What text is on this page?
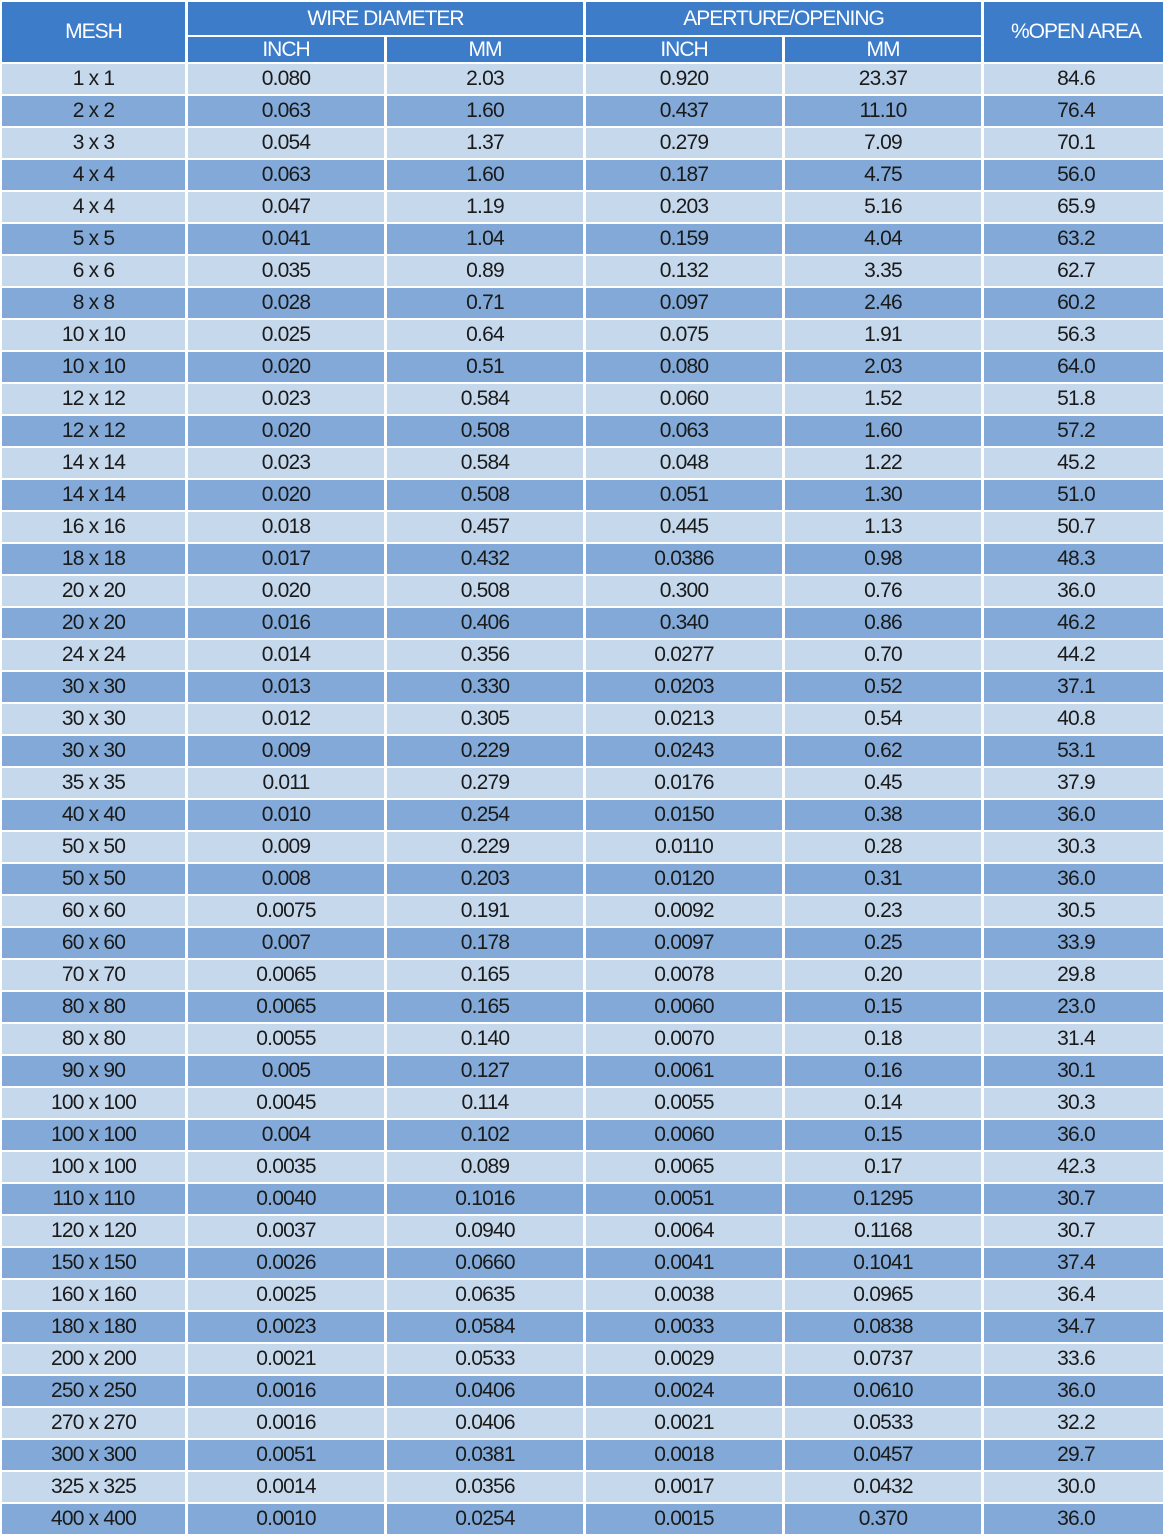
MESH	WIRE DIAMETER		APERTURE/OPENING		%OPEN AREA
	INCH	MM	INCH	MM	
1 x 1	0.080	2.03	0.920	23.37	84.6
2 x 2	0.063	1.60	0.437	11.10	76.4
3 x 3	0.054	1.37	0.279	7.09	70.1
4 x 4	0.063	1.60	0.187	4.75	56.0
4 x 4	0.047	1.19	0.203	5.16	65.9
5 x 5	0.041	1.04	0.159	4.04	63.2
6 x 6	0.035	0.89	0.132	3.35	62.7
8 x 8	0.028	0.71	0.097	2.46	60.2
10 x 10	0.025	0.64	0.075	1.91	56.3
10 x 10	0.020	0.51	0.080	2.03	64.0
12 x 12	0.023	0.584	0.060	1.52	51.8
12 x 12	0.020	0.508	0.063	1.60	57.2
14 x 14	0.023	0.584	0.048	1.22	45.2
14 x 14	0.020	0.508	0.051	1.30	51.0
16 x 16	0.018	0.457	0.445	1.13	50.7
18 x 18	0.017	0.432	0.0386	0.98	48.3
20 x 20	0.020	0.508	0.300	0.76	36.0
20 x 20	0.016	0.406	0.340	0.86	46.2
24 x 24	0.014	0.356	0.0277	0.70	44.2
30 x 30	0.013	0.330	0.0203	0.52	37.1
30 x 30	0.012	0.305	0.0213	0.54	40.8
30 x 30	0.009	0.229	0.0243	0.62	53.1
35 x 35	0.011	0.279	0.0176	0.45	37.9
40 x 40	0.010	0.254	0.0150	0.38	36.0
50 x 50	0.009	0.229	0.0110	0.28	30.3
50 x 50	0.008	0.203	0.0120	0.31	36.0
60 x 60	0.0075	0.191	0.0092	0.23	30.5
60 x 60	0.007	0.178	0.0097	0.25	33.9
70 x 70	0.0065	0.165	0.0078	0.20	29.8
80 x 80	0.0065	0.165	0.0060	0.15	23.0
80 x 80	0.0055	0.140	0.0070	0.18	31.4
90 x 90	0.005	0.127	0.0061	0.16	30.1
100 x 100	0.0045	0.114	0.0055	0.14	30.3
100 x 100	0.004	0.102	0.0060	0.15	36.0
100 x 100	0.0035	0.089	0.0065	0.17	42.3
110 x 110	0.0040	0.1016	0.0051	0.1295	30.7
120 x 120	0.0037	0.0940	0.0064	0.1168	30.7
150 x 150	0.0026	0.0660	0.0041	0.1041	37.4
160 x 160	0.0025	0.0635	0.0038	0.0965	36.4
180 x 180	0.0023	0.0584	0.0033	0.0838	34.7
200 x 200	0.0021	0.0533	0.0029	0.0737	33.6
250 x 250	0.0016	0.0406	0.0024	0.0610	36.0
270 x 270	0.0016	0.0406	0.0021	0.0533	32.2
300 x 300	0.0051	0.0381	0.0018	0.0457	29.7
325 x 325	0.0014	0.0356	0.0017	0.0432	30.0
400 x 400	0.0010	0.0254	0.0015	0.370	36.0
